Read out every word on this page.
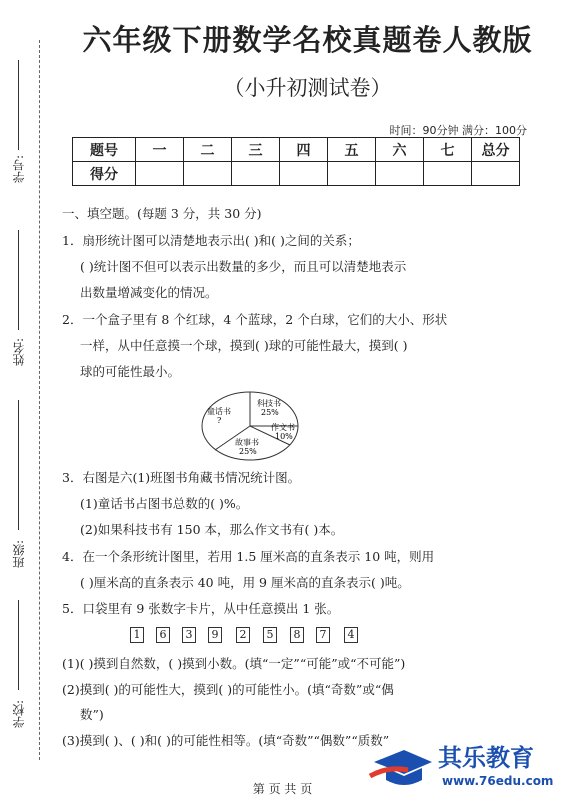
学号:
姓名:
班级:
学校:
六年级下册数学名校真题卷人教版
（小升初测试卷）
时间：90分钟 满分：100分
题号	一	二	三	四	五	六	七	总分
得分								
一、填空题。(每题 3 分，共 30 分)
1．扇形统计图可以清楚地表示出( )和( )之间的关系；
( )统计图不但可以表示出数量的多少，而且可以清楚地表示
出数量增减变化的情况。
2．一个盒子里有 8 个红球，4 个蓝球，2 个白球，它们的大小、形状
一样，从中任意摸一个球，摸到( )球的可能性最大，摸到( )
球的可能性最小。
童话书
?
科技书
25%
作文书
10%
故事书
25%
3．右图是六(1)班图书角藏书情况统计图。
(1)童话书占图书总数的( )%。
(2)如果科技书有 150 本，那么作文书有( )本。
4．在一个条形统计图里，若用 1.5 厘米高的直条表示 10 吨，则用
( )厘米高的直条表示 40 吨，用 9 厘米高的直条表示( )吨。
5．口袋里有 9 张数字卡片，从中任意摸出 1 张。
1	6	3	9	2	5	8	7	4
(1)( )摸到自然数，( )摸到小数。(填“一定”“可能”或“不可能”)
(2)摸到( )的可能性大，摸到( )的可能性小。(填“奇数”或“偶
数”)
(3)摸到( )、( )和( )的可能性相等。(填“奇数”“偶数”“质数”
其乐教育
www.76edu.com
第 页 共 页
